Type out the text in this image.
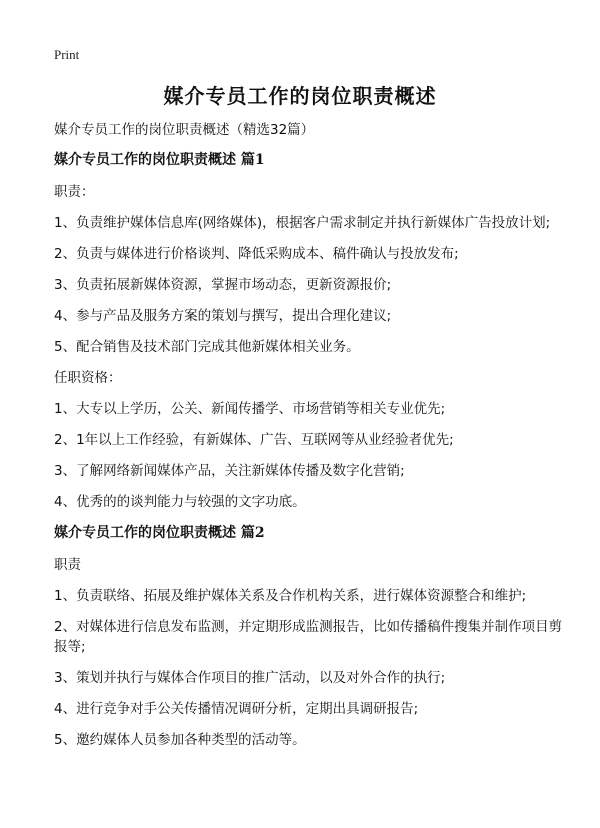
Print
媒介专员工作的岗位职责概述

媒介专员工作的岗位职责概述（精选32篇）

媒介专员工作的岗位职责概述 篇1

职责：

1、负责维护媒体信息库(网络媒体)，根据客户需求制定并执行新媒体广告投放计划;

2、负责与媒体进行价格谈判、降低采购成本、稿件确认与投放发布;

3、负责拓展新媒体资源，掌握市场动态，更新资源报价;

4、参与产品及服务方案的策划与撰写，提出合理化建议;

5、配合销售及技术部门完成其他新媒体相关业务。

任职资格：

1、大专以上学历，公关、新闻传播学、市场营销等相关专业优先;

2、1年以上工作经验，有新媒体、广告、互联网等从业经验者优先;

3、了解网络新闻媒体产品，关注新媒体传播及数字化营销;

4、优秀的的谈判能力与较强的文字功底。

媒介专员工作的岗位职责概述 篇2

职责

1、负责联络、拓展及维护媒体关系及合作机构关系，进行媒体资源整合和维护;

2、对媒体进行信息发布监测，并定期形成监测报告，比如传播稿件搜集并制作项目剪报等;

3、策划并执行与媒体合作项目的推广活动，以及对外合作的执行;

4、进行竞争对手公关传播情况调研分析，定期出具调研报告;

5、邀约媒体人员参加各种类型的活动等。
